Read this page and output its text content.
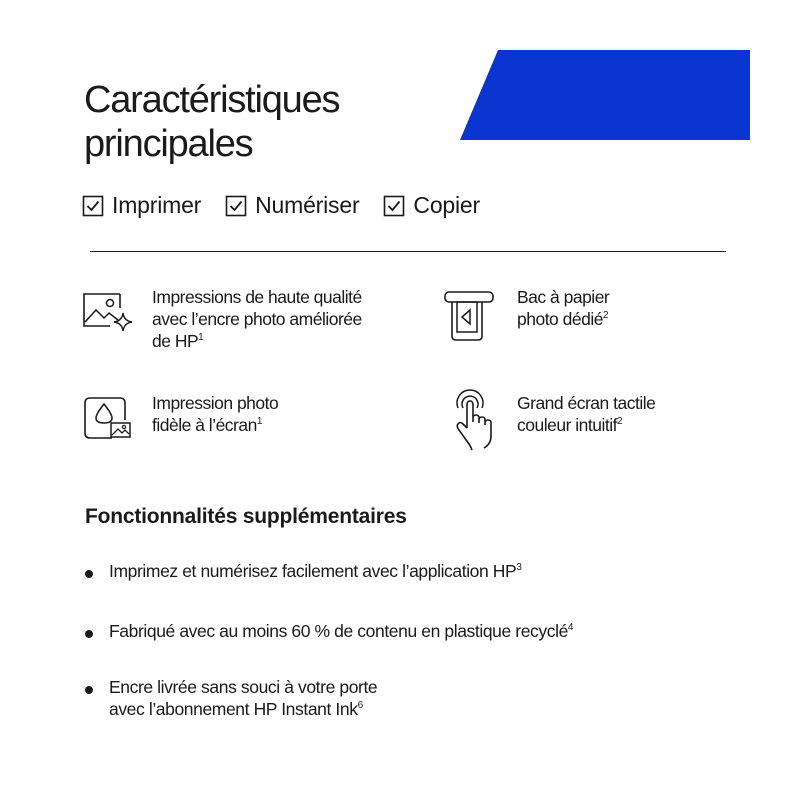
Caractéristiques
principales
Imprimer Numériser Copier
Impressions de haute qualité
avec l’encre photo améliorée
de $HP^1$
Bac à papier
photo dédié$^2$
Impression photo
fidèle à l’écran$^1$
Grand écran tactile
couleur intuitif$^2$
Fonctionnalités supplémentaires
Imprimez et numérisez facilement avec l’application $HP^3$
Fabriqué avec au moins 60 % de contenu en plastique recyclé$^4$
Encre livrée sans souci à votre porte
avec l’abonnement HP Instant Ink$^6$
